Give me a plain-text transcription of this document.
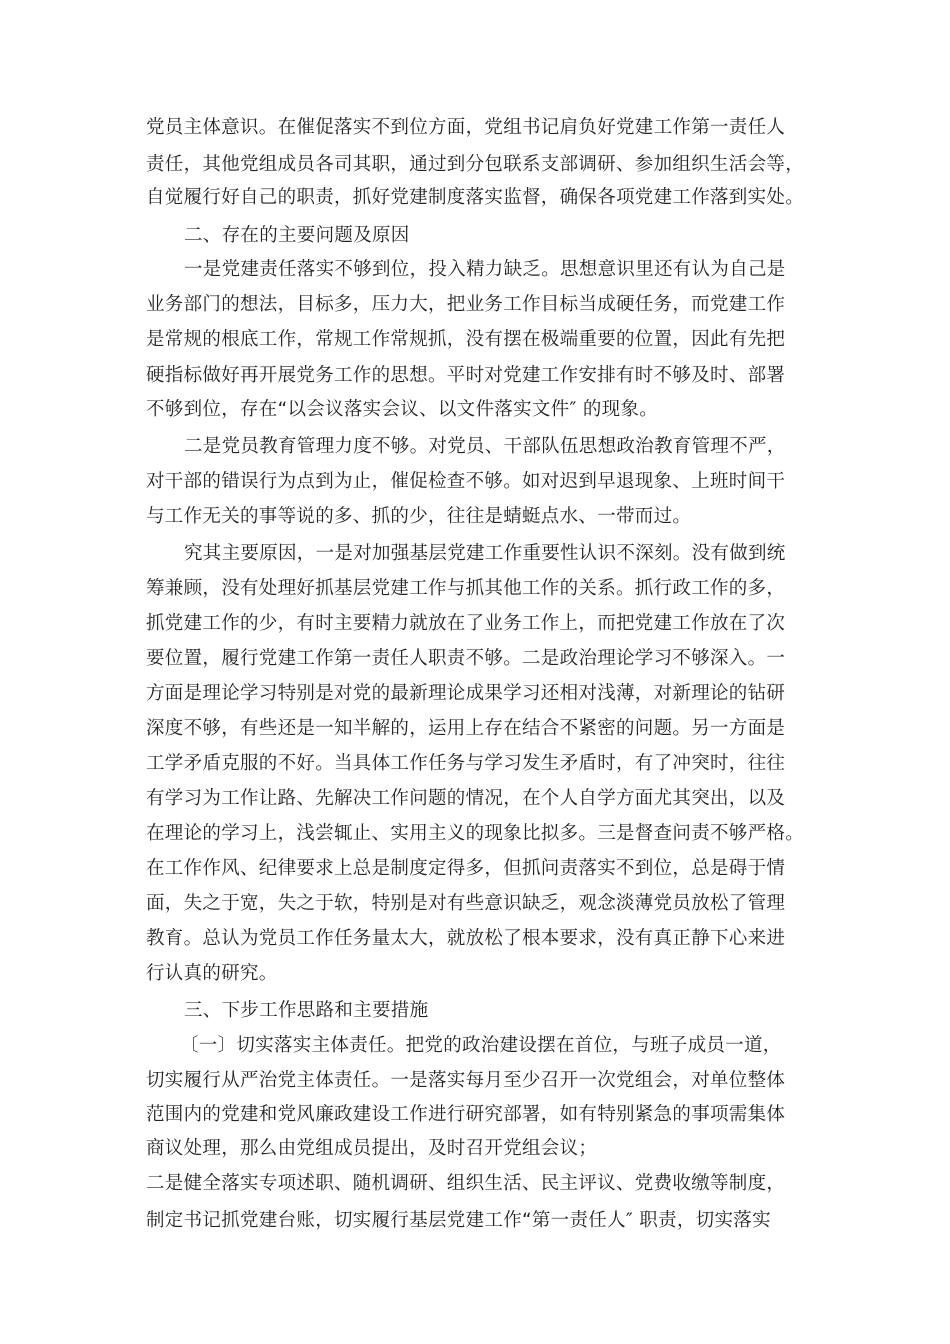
党员主体意识。在催促落实不到位方面，党组书记肩负好党建工作第一责任人
责任，其他党组成员各司其职，通过到分包联系支部调研、参加组织生活会等，
自觉履行好自己的职责，抓好党建制度落实监督，确保各项党建工作落到实处。
二、存在的主要问题及原因
一是党建责任落实不够到位，投入精力缺乏。思想意识里还有认为自己是
业务部门的想法，目标多，压力大，把业务工作目标当成硬任务，而党建工作
是常规的根底工作，常规工作常规抓，没有摆在极端重要的位置，因此有先把
硬指标做好再开展党务工作的思想。平时对党建工作安排有时不够及时、部署
不够到位，存在“以会议落实会议、以文件落实文件″ 的现象。
二是党员教育管理力度不够。对党员、干部队伍思想政治教育管理不严，
对干部的错误行为点到为止，催促检查不够。如对迟到早退现象、上班时间干
与工作无关的事等说的多、抓的少，往往是蜻蜓点水、一带而过。
究其主要原因，一是对加强基层党建工作重要性认识不深刻。没有做到统
筹兼顾，没有处理好抓基层党建工作与抓其他工作的关系。抓行政工作的多，
抓党建工作的少，有时主要精力就放在了业务工作上，而把党建工作放在了次
要位置，履行党建工作第一责任人职责不够。二是政治理论学习不够深入。一
方面是理论学习特别是对党的最新理论成果学习还相对浅薄，对新理论的钻研
深度不够，有些还是一知半解的，运用上存在结合不紧密的问题。另一方面是
工学矛盾克服的不好。当具体工作任务与学习发生矛盾时，有了冲突时，往往
有学习为工作让路、先解决工作问题的情况，在个人自学方面尤其突出，以及
在理论的学习上，浅尝辄止、实用主义的现象比拟多。三是督查问责不够严格。
在工作作风、纪律要求上总是制度定得多，但抓问责落实不到位，总是碍于情
面，失之于宽，失之于软，特别是对有些意识缺乏，观念淡薄党员放松了管理
教育。总认为党员工作任务量太大，就放松了根本要求，没有真正静下心来进
行认真的研究。
三、下步工作思路和主要措施
〔一〕切实落实主体责任。把党的政治建设摆在首位，与班子成员一道，
切实履行从严治党主体责任。一是落实每月至少召开一次党组会，对单位整体
范围内的党建和党风廉政建设工作进行研究部署，如有特别紧急的事项需集体
商议处理，那么由党组成员提出，及时召开党组会议；
二是健全落实专项述职、随机调研、组织生活、民主评议、党费收缴等制度，
制定书记抓党建台账，切实履行基层党建工作“第一责任人″ 职责，切实落实
